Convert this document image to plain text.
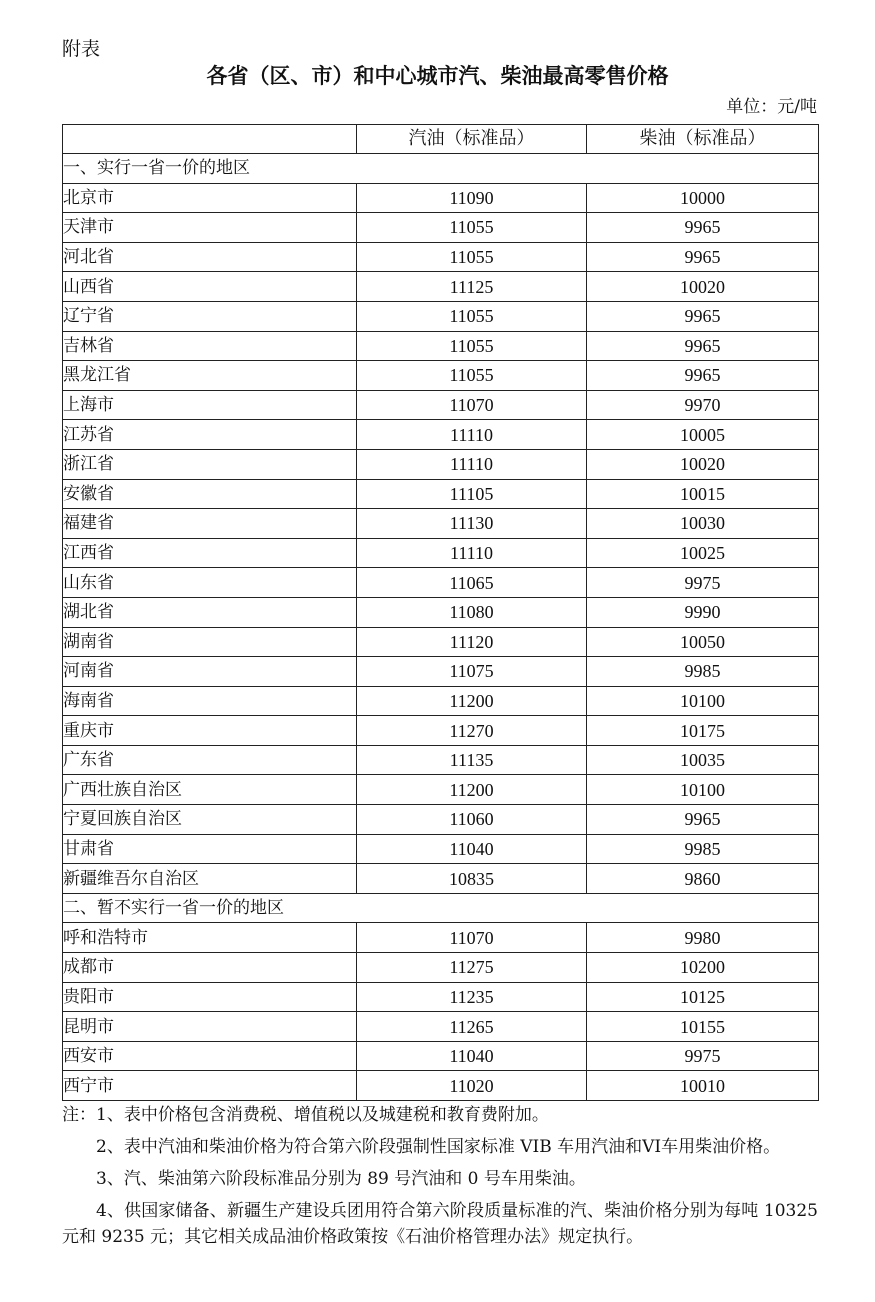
附表
各省（区、市）和中心城市汽、柴油最高零售价格
单位：元/吨
	汽油（标准品）	柴油（标准品）
一、实行一省一价的地区		
北京市	11090	10000
天津市	11055	9965
河北省	11055	9965
山西省	11125	10020
辽宁省	11055	9965
吉林省	11055	9965
黑龙江省	11055	9965
上海市	11070	9970
江苏省	11110	10005
浙江省	11110	10020
安徽省	11105	10015
福建省	11130	10030
江西省	11110	10025
山东省	11065	9975
湖北省	11080	9990
湖南省	11120	10050
河南省	11075	9985
海南省	11200	10100
重庆市	11270	10175
广东省	11135	10035
广西壮族自治区	11200	10100
宁夏回族自治区	11060	9965
甘肃省	11040	9985
新疆维吾尔自治区	10835	9860
二、暂不实行一省一价的地区		
呼和浩特市	11070	9980
成都市	11275	10200
贵阳市	11235	10125
昆明市	11265	10155
西安市	11040	9975
西宁市	11020	10010

注：1、表中价格包含消费税、增值税以及城建税和教育费附加。

2、表中汽油和柴油价格为符合第六阶段强制性国家标准 VIB 车用汽油和VI车用柴油价格。

3、汽、柴油第六阶段标准品分别为 89 号汽油和 0 号车用柴油。

4、供国家储备、新疆生产建设兵团用符合第六阶段质量标准的汽、柴油价格分别为每吨 10325 元和 9235 元；其它相关成品油价格政策按《石油价格管理办法》规定执行。
